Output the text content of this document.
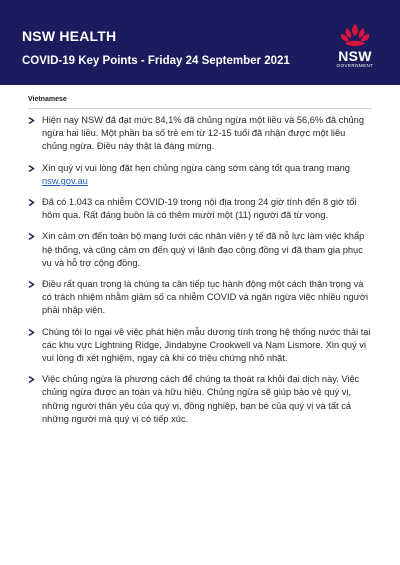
NSW HEALTH
COVID-19 Key Points - Friday 24 September 2021	NSW
GOVERNMENT
Vietnamese
Hiện nay NSW đã đạt mức 84,1% đã chủng ngừa một liều và 56,6% đã chủng ngừa hai liều. Một phần ba số trẻ em từ 12-15 tuổi đã nhận được một liều chủng ngừa. Điều này thật là đáng mừng.
Xin quý vị vui lòng đặt hẹn chủng ngừa càng sớm càng tốt qua trang mạng
nsw.gov.au
Đã có 1.043 ca nhiễm COVID-19 trong nội địa trong 24 giờ tính đến 8 giờ tối hôm qua. Rất đáng buồn là có thêm mười một (11) người đã từ vong.
Xin cảm ơn đến toàn bộ mạng lưới các nhân viên y tế đã nỗ lực làm việc khẩp hệ thống, và cũng cảm ơn đến quý vị lãnh đạo cộng đồng vì đã tham gia phục vụ và hỗ trợ cộng đồng.
Điều rất quan trọng là chúng ta cần tiếp tục hành động một cách thận trọng và có trách nhiệm nhằm giảm số ca nhiễm COVID và ngăn ngừa việc nhiều người phải nhập viện.
Chúng tôi lo ngại về việc phát hiện mẫu dương tính trong hệ thống nước thải tại các khu vực Lightning Ridge, Jindabyne Crookwell và Nam Lismore. Xin quý vị vui lòng đi xét nghiệm, ngay cả khi có triệu chứng nhỏ nhặt.
Việc chủng ngừa là phương cách để chúng ta thoát ra khỏi đại dịch này. Việc chủng ngừa được an toàn và hữu hiệu. Chủng ngừa sẽ giúp bảo vệ quý vị, những người thân yêu của quý vị, đồng nghiệp, bạn bè của quý vị và tất cả những người mà quý vị có tiếp xúc.
